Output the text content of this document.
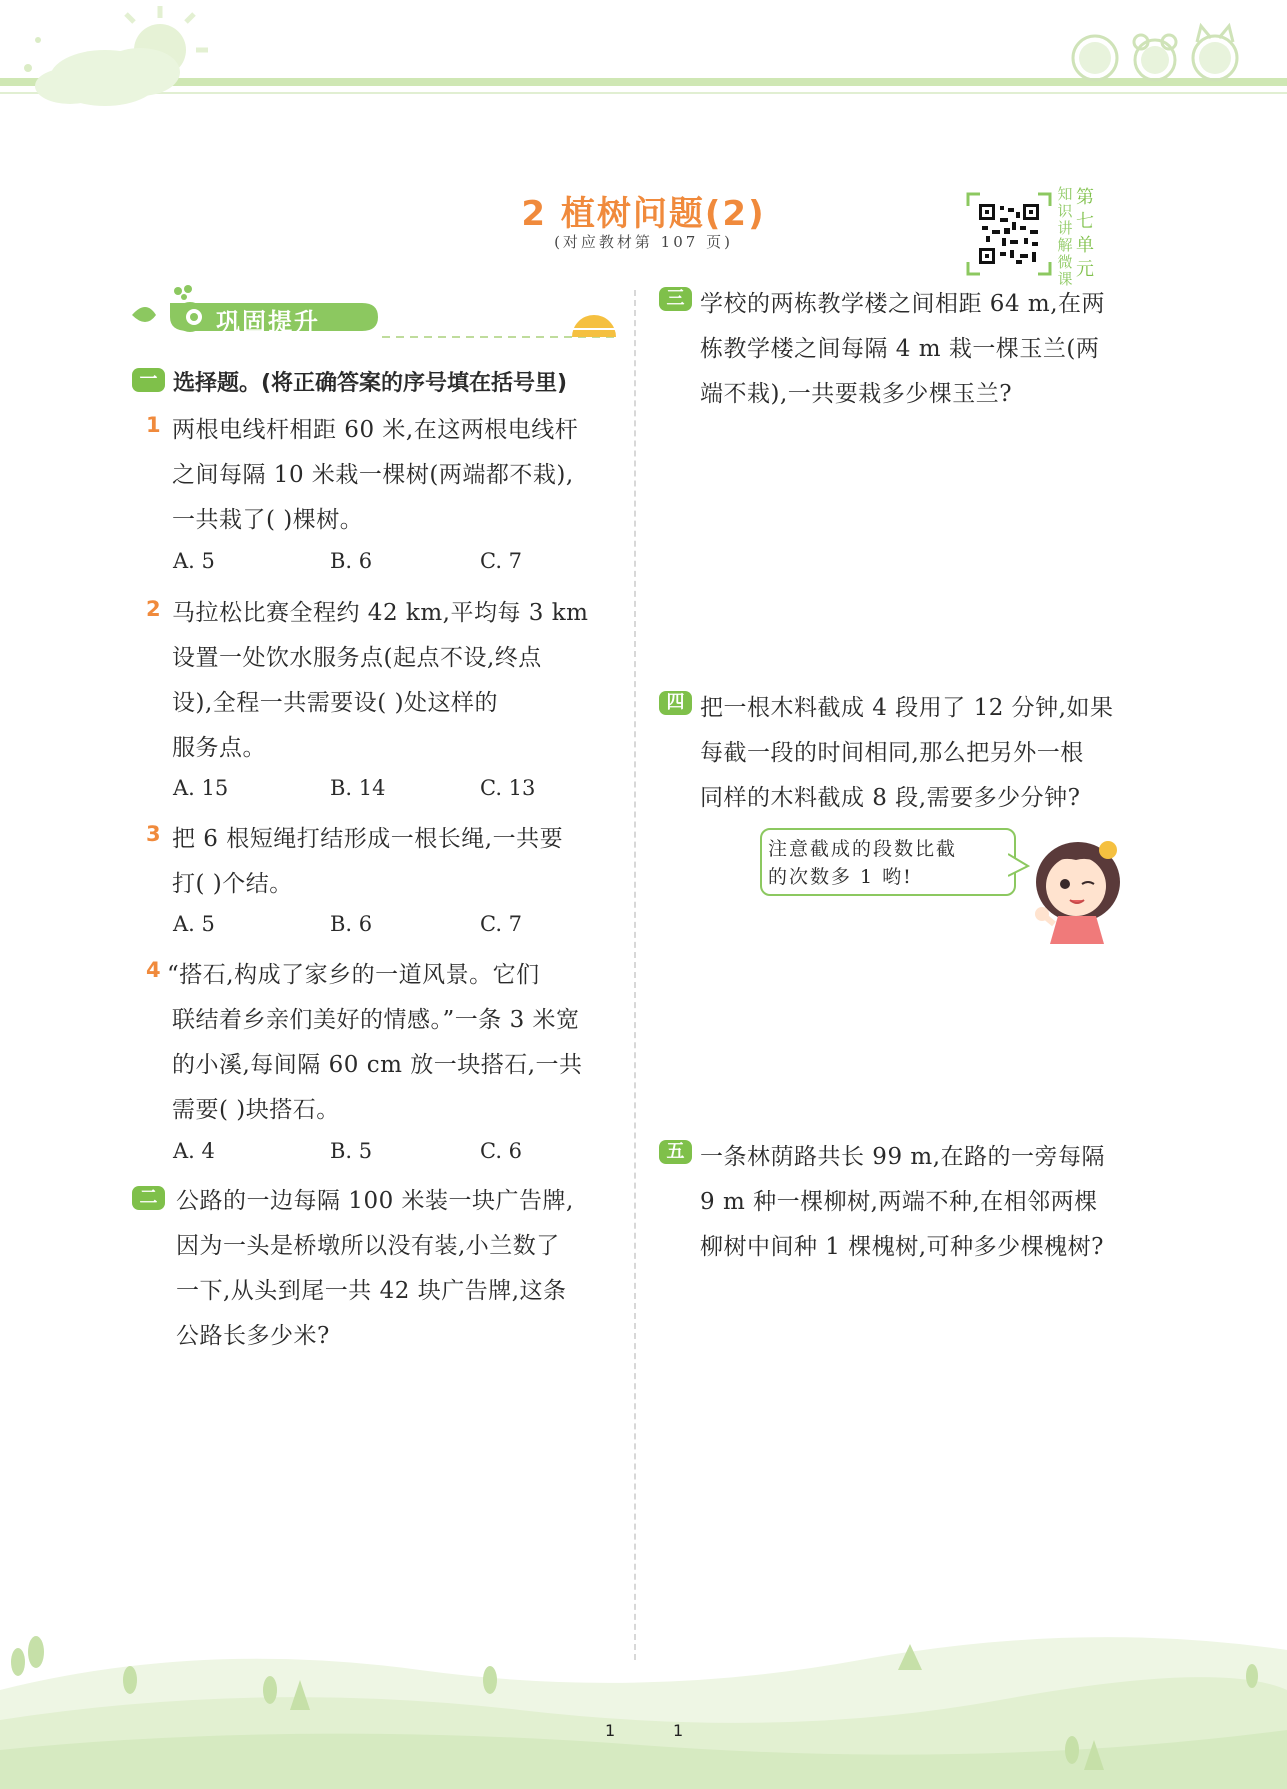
2 植树问题(2)
(对应教材第 107 页)
知
识
讲
解
微
课
第
七
单
元
巩固提升
一 选择题。(将正确答案的序号填在括号里)
1 两根电线杆相距 60 米,在这两根电线杆
之间每隔 10 米栽一棵树(两端都不栽),
一共栽了( )棵树。
A. 5	B. 6	C. 7
2 马拉松比赛全程约 42 km,平均每 3 km
设置一处饮水服务点(起点不设,终点
设),全程一共需要设( )处这样的
服务点。
A. 15	B. 14	C. 13
3 把 6 根短绳打结形成一根长绳,一共要
打( )个结。
A. 5	B. 6	C. 7
4 “搭石,构成了家乡的一道风景。它们
联结着乡亲们美好的情感。”一条 3 米宽
的小溪,每间隔 60 cm 放一块搭石,一共
需要( )块搭石。
A. 4	B. 5	C. 6
二 公路的一边每隔 100 米装一块广告牌,
因为一头是桥墩所以没有装,小兰数了
一下,从头到尾一共 42 块广告牌,这条
公路长多少米?
三 学校的两栋教学楼之间相距 64 m,在两
栋教学楼之间每隔 4 m 栽一棵玉兰(两
端不栽),一共要栽多少棵玉兰?
四 把一根木料截成 4 段用了 12 分钟,如果
每截一段的时间相同,那么把另外一根
同样的木料截成 8 段,需要多少分钟?
注意截成的段数比截
的次数多 1 哟!
五 一条林荫路共长 99 m,在路的一旁每隔
9 m 种一棵柳树,两端不种,在相邻两棵
柳树中间种 1 棵槐树,可种多少棵槐树?
1	1
